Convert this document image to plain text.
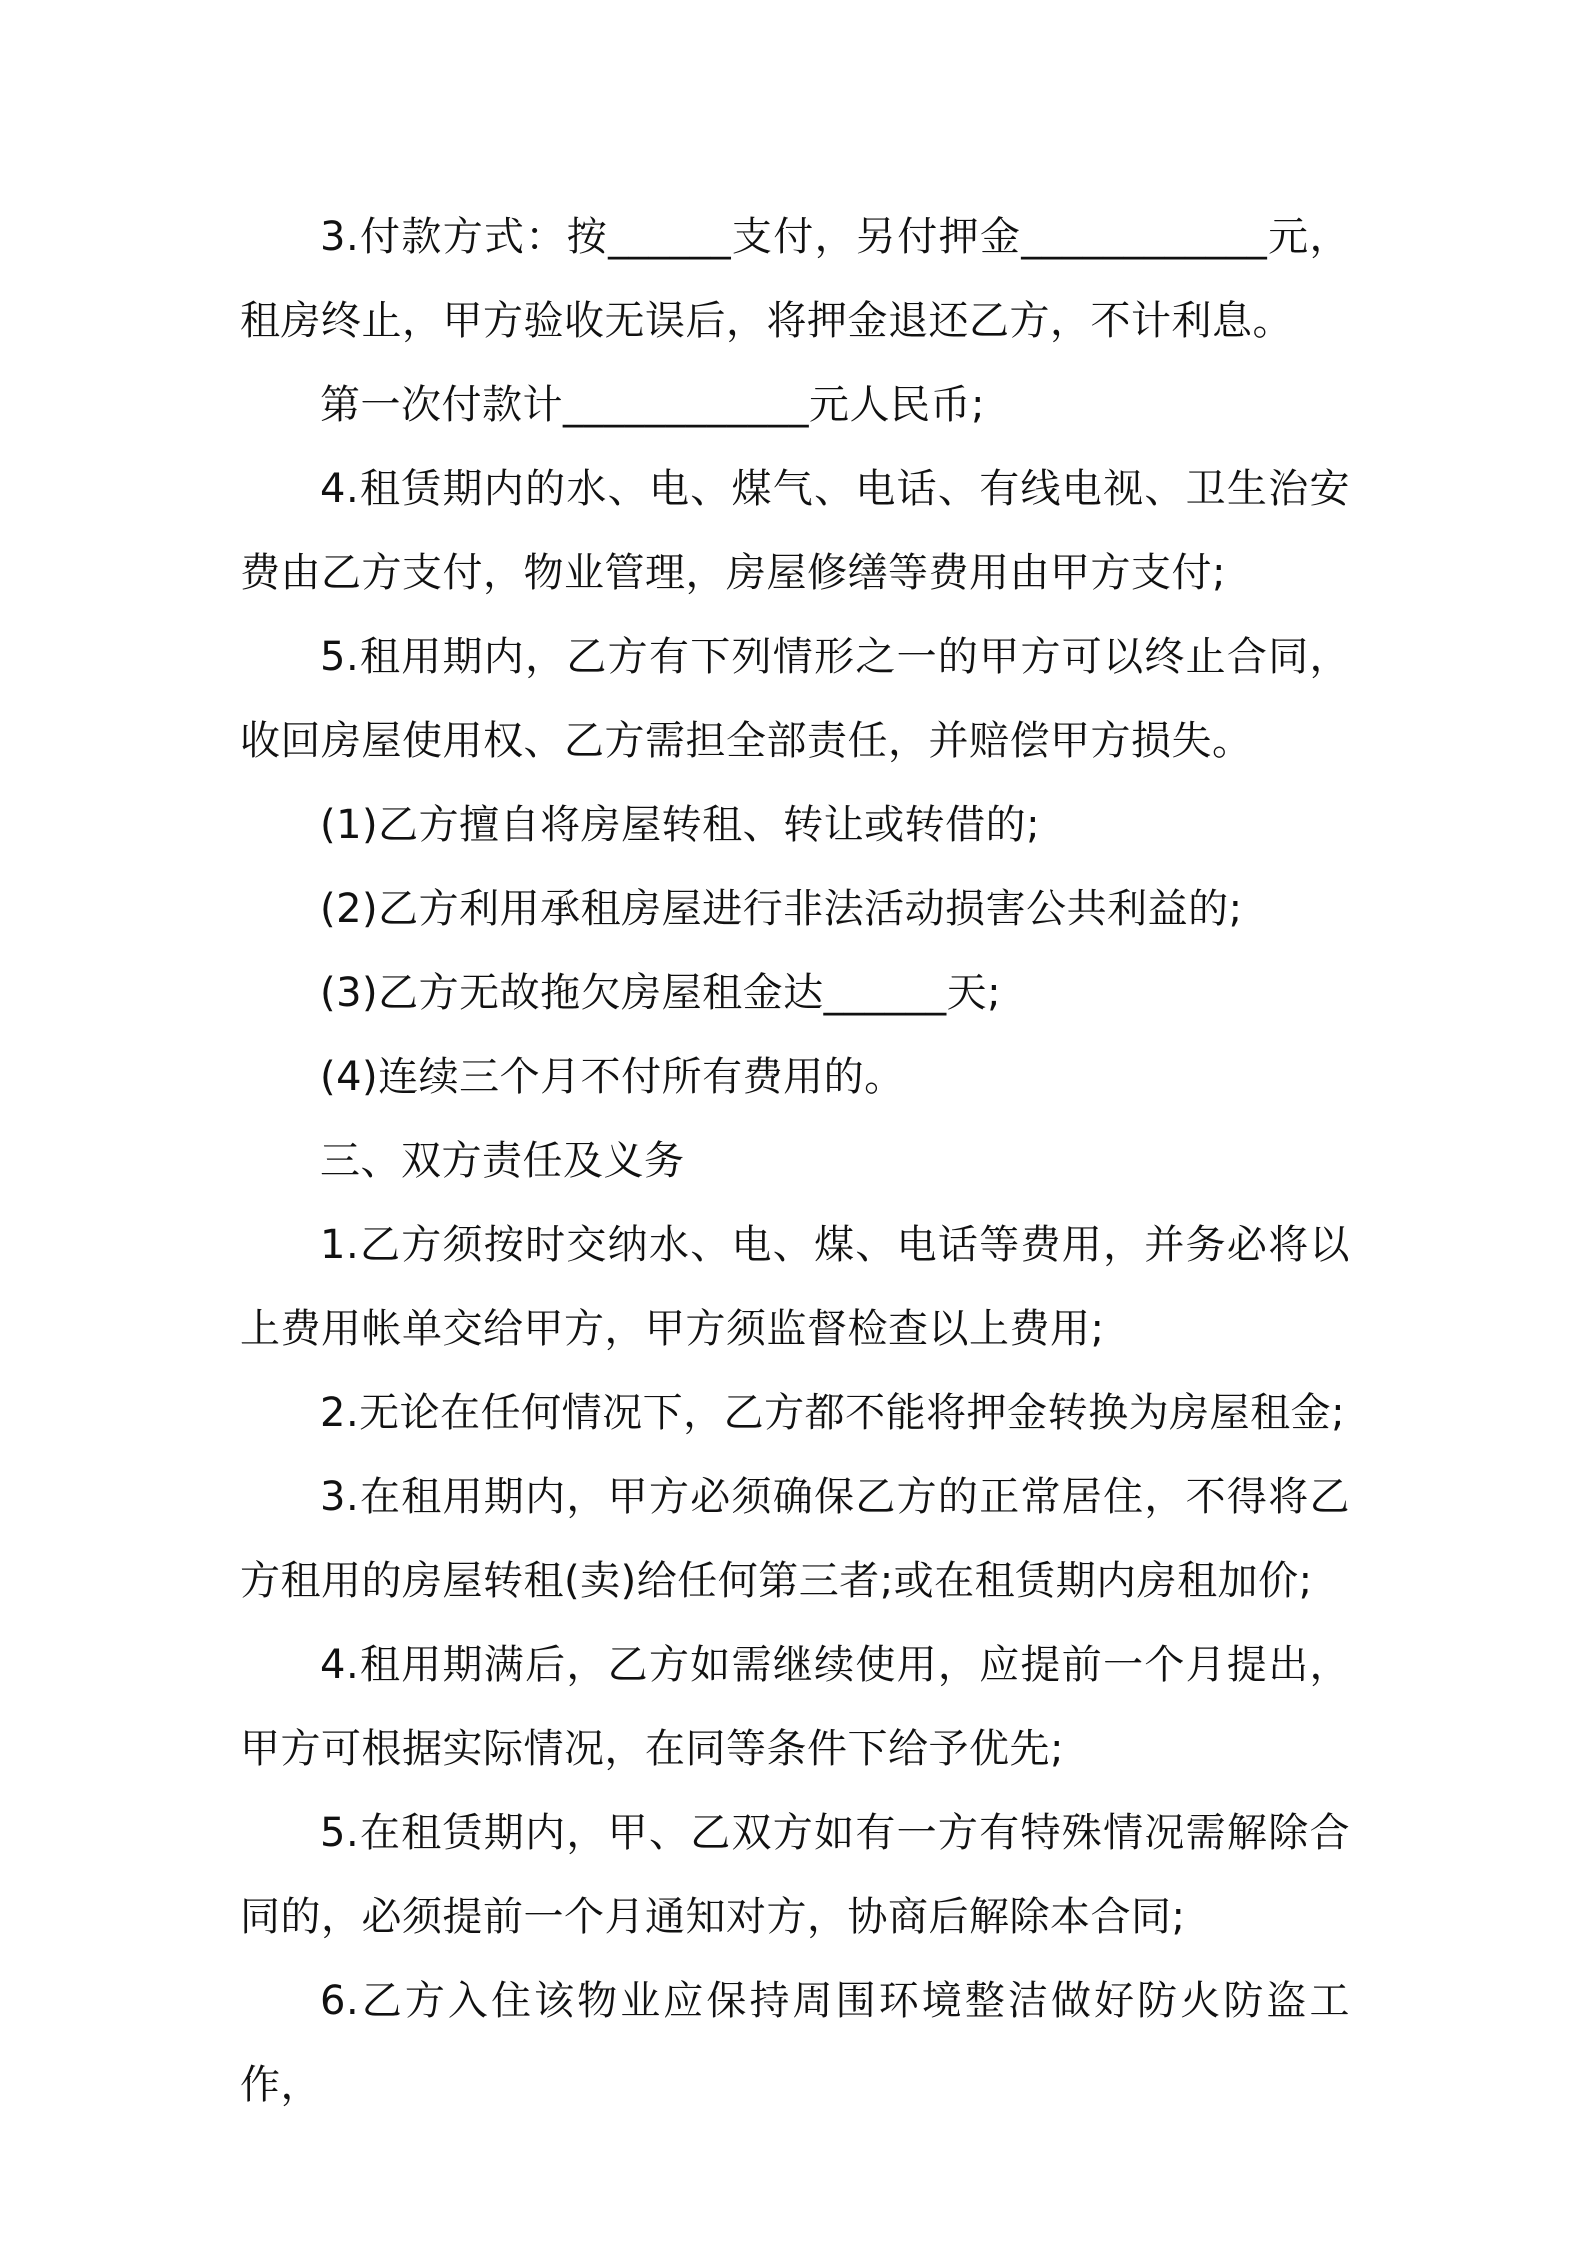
3.付款方式：按______支付，另付押金____________元，租房终止，甲方验收无误后，将押金退还乙方，不计利息。

第一次付款计____________元人民币;

4.租赁期内的水、电、煤气、电话、有线电视、卫生治安费由乙方支付，物业管理，房屋修缮等费用由甲方支付;

5.租用期内，乙方有下列情形之一的甲方可以终止合同，收回房屋使用权、乙方需担全部责任，并赔偿甲方损失。

(1)乙方擅自将房屋转租、转让或转借的;

(2)乙方利用承租房屋进行非法活动损害公共利益的;

(3)乙方无故拖欠房屋租金达______天;

(4)连续三个月不付所有费用的。

三、双方责任及义务

1.乙方须按时交纳水、电、煤、电话等费用，并务必将以上费用帐单交给甲方，甲方须监督检查以上费用;

2.无论在任何情况下，乙方都不能将押金转换为房屋租金;

3.在租用期内，甲方必须确保乙方的正常居住，不得将乙方租用的房屋转租(卖)给任何第三者;或在租赁期内房租加价;

4.租用期满后，乙方如需继续使用，应提前一个月提出，甲方可根据实际情况，在同等条件下给予优先;

5.在租赁期内，甲、乙双方如有一方有特殊情况需解除合同的，必须提前一个月通知对方，协商后解除本合同;

6.乙方入住该物业应保持周围环境整洁做好防火防盗工作，
